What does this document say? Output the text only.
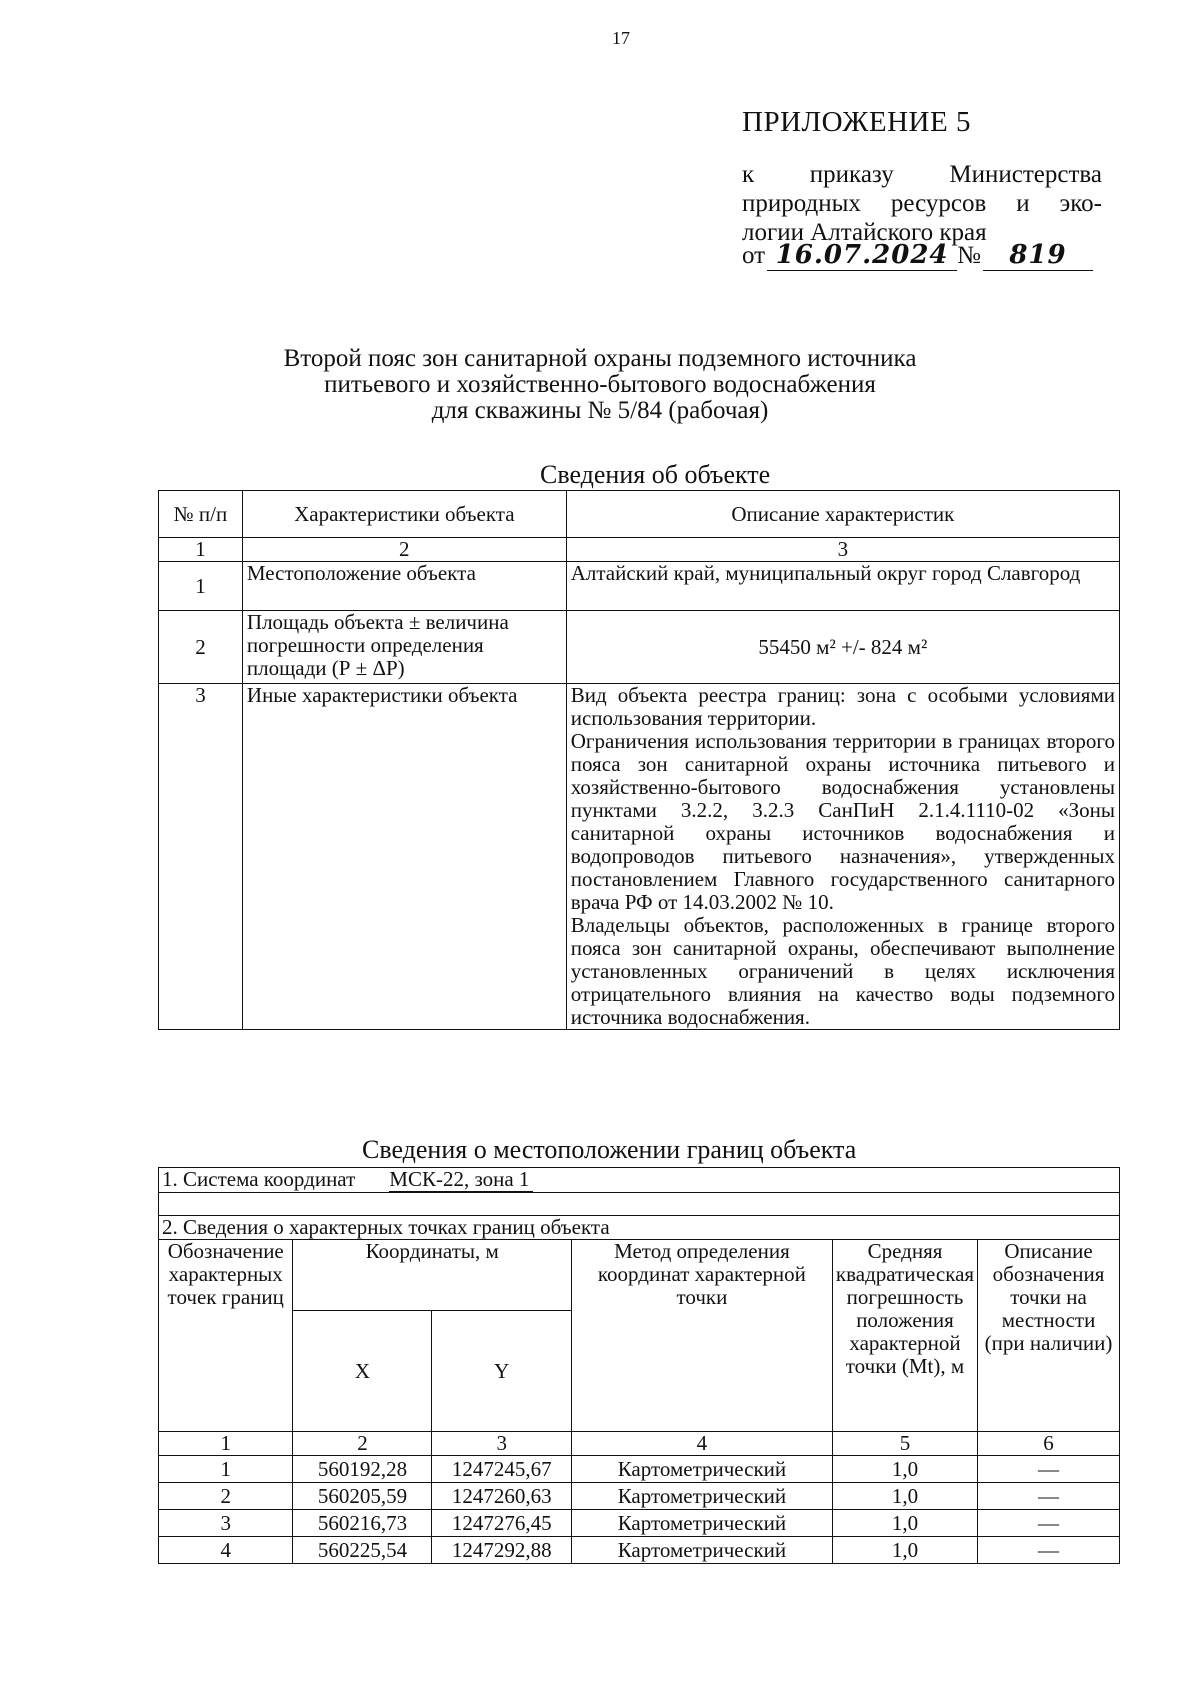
17
ПРИЛОЖЕНИЕ 5
к приказу Министерства
природных ресурсов и эко-
логии Алтайского края
от 16.07.2024 №	819
Второй пояс зон санитарной охраны подземного источника
питьевого и хозяйственно-бытового водоснабжения
для скважины № 5/84 (рабочая)
Сведения об объекте
№ п/п	Характеристики объекта	Описание характеристик
1	2	3
1	Местоположение объекта	Алтайский край, муниципальный округ город Славгород
2	Площадь объекта ± величина погрешности определения площади (Р ± ΔР)	55450 м² +/- 824 м²
3	Иные характеристики объекта	Вид объекта реестра границ: зона с особыми условиями использования территории.
Ограничения использования территории в границах второго пояса зон санитарной охраны источника питьевого и хозяйственно-бытового водоснабжения установлены пунктами 3.2.2, 3.2.3 СанПиН 2.1.4.1110-02 «Зоны санитарной охраны источников водоснабжения и водопроводов питьевого назначения», утвержденных постановлением Главного государственного санитарного врача РФ от 14.03.2002 № 10.
Владельцы объектов, расположенных в границе второго пояса зон санитарной охраны, обеспечивают выполнение установленных ограничений в целях исключения отрицательного влияния на качество воды подземного источника водоснабжения.
Сведения о местоположении границ объекта
1. Система координат МСК-22, зона 1					

2. Сведения о характерных точках границ объекта					
Обозначение характерных точек границ	Координаты, м		Метод определения координат характерной точки	Средняя квадратическая погрешность положения характерной точки (Mt), м	Описание обозначения точки на местности (при наличии)
	X	Y			
1	2	3	4	5	6
1	560192,28	1247245,67	Картометрический	1,0	—
2	560205,59	1247260,63	Картометрический	1,0	—
3	560216,73	1247276,45	Картометрический	1,0	—
4	560225,54	1247292,88	Картометрический	1,0	—
